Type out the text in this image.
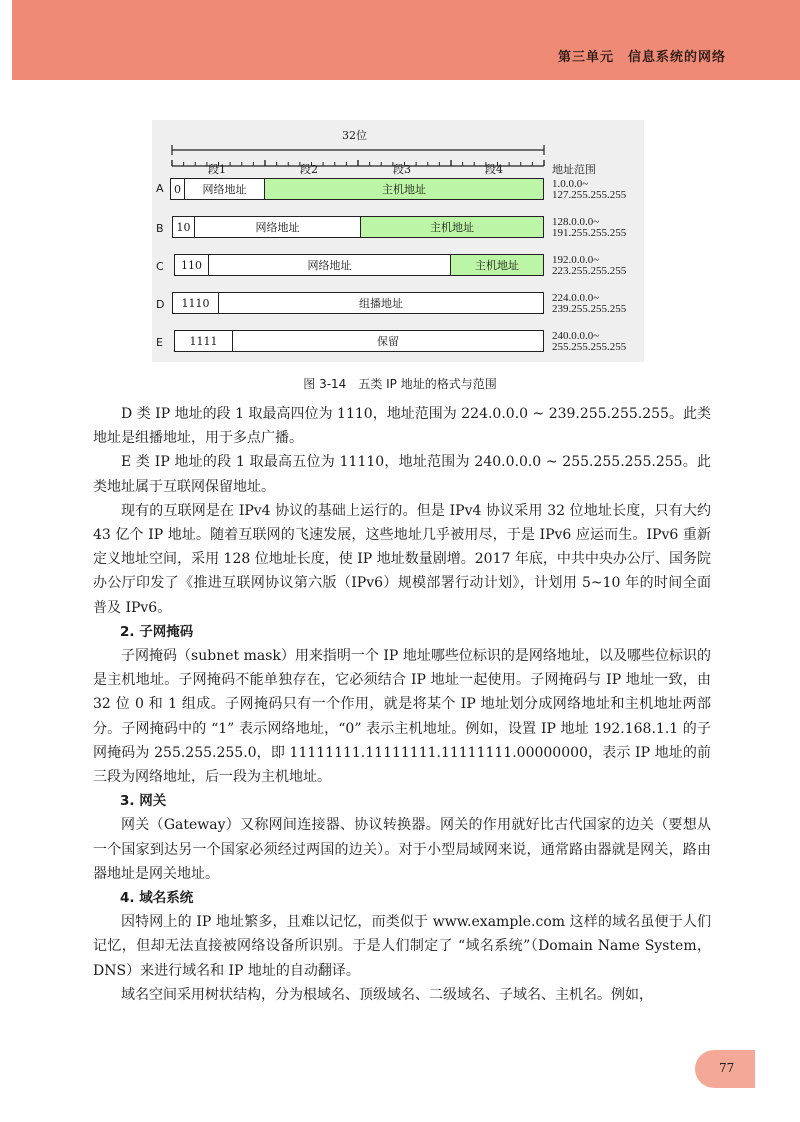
第三单元　信息系统的网络
32位
段1	段2	段3	段4	地址范围
A 0	网络地址	主机地址	1.0.0.0~
127.255.255.255
B	10	网络地址	主机地址	128.0.0.0~
191.255.255.255
C	110	网络地址	主机地址	192.0.0.0~
223.255.255.255
D	1110	组播地址	224.0.0.0~
239.255.255.255
E	1111	保留	240.0.0.0~
255.255.255.255
图 3-14　五类 IP 地址的格式与范围

D 类 IP 地址的段 1 取最高四位为 1110，地址范围为 224.0.0.0 ~ 239.255.255.255。此类地址是组播地址，用于多点广播。

E 类 IP 地址的段 1 取最高五位为 11110，地址范围为 240.0.0.0 ~ 255.255.255.255。此类地址属于互联网保留地址。

现有的互联网是在 IPv4 协议的基础上运行的。但是 IPv4 协议采用 32 位地址长度，只有大约 43 亿个 IP 地址。随着互联网的飞速发展，这些地址几乎被用尽，于是 IPv6 应运而生。IPv6 重新定义地址空间，采用 128 位地址长度，使 IP 地址数量剧增。2017 年底，中共中央办公厅、国务院办公厅印发了《推进互联网协议第六版（IPv6）规模部署行动计划》，计划用 5~10 年的时间全面普及 IPv6。

2. 子网掩码

子网掩码（subnet mask）用来指明一个 IP 地址哪些位标识的是网络地址，以及哪些位标识的是主机地址。子网掩码不能单独存在，它必须结合 IP 地址一起使用。子网掩码与 IP 地址一致，由 32 位 0 和 1 组成。子网掩码只有一个作用，就是将某个 IP 地址划分成网络地址和主机地址两部分。子网掩码中的 “1” 表示网络地址，“0” 表示主机地址。例如，设置 IP 地址 192.168.1.1 的子网掩码为 255.255.255.0，即 11111111.11111111.11111111.00000000，表示 IP 地址的前三段为网络地址，后一段为主机地址。

3. 网关

网关（Gateway）又称网间连接器、协议转换器。网关的作用就好比古代国家的边关（要想从一个国家到达另一个国家必须经过两国的边关）。对于小型局域网来说，通常路由器就是网关，路由器地址是网关地址。

4. 域名系统

因特网上的 IP 地址繁多，且难以记忆，而类似于 www.example.com 这样的域名虽便于人们记忆，但却无法直接被网络设备所识别。于是人们制定了 “域名系统”（Domain Name System，DNS）来进行域名和 IP 地址的自动翻译。

域名空间采用树状结构，分为根域名、顶级域名、二级域名、子域名、主机名。例如，

77
